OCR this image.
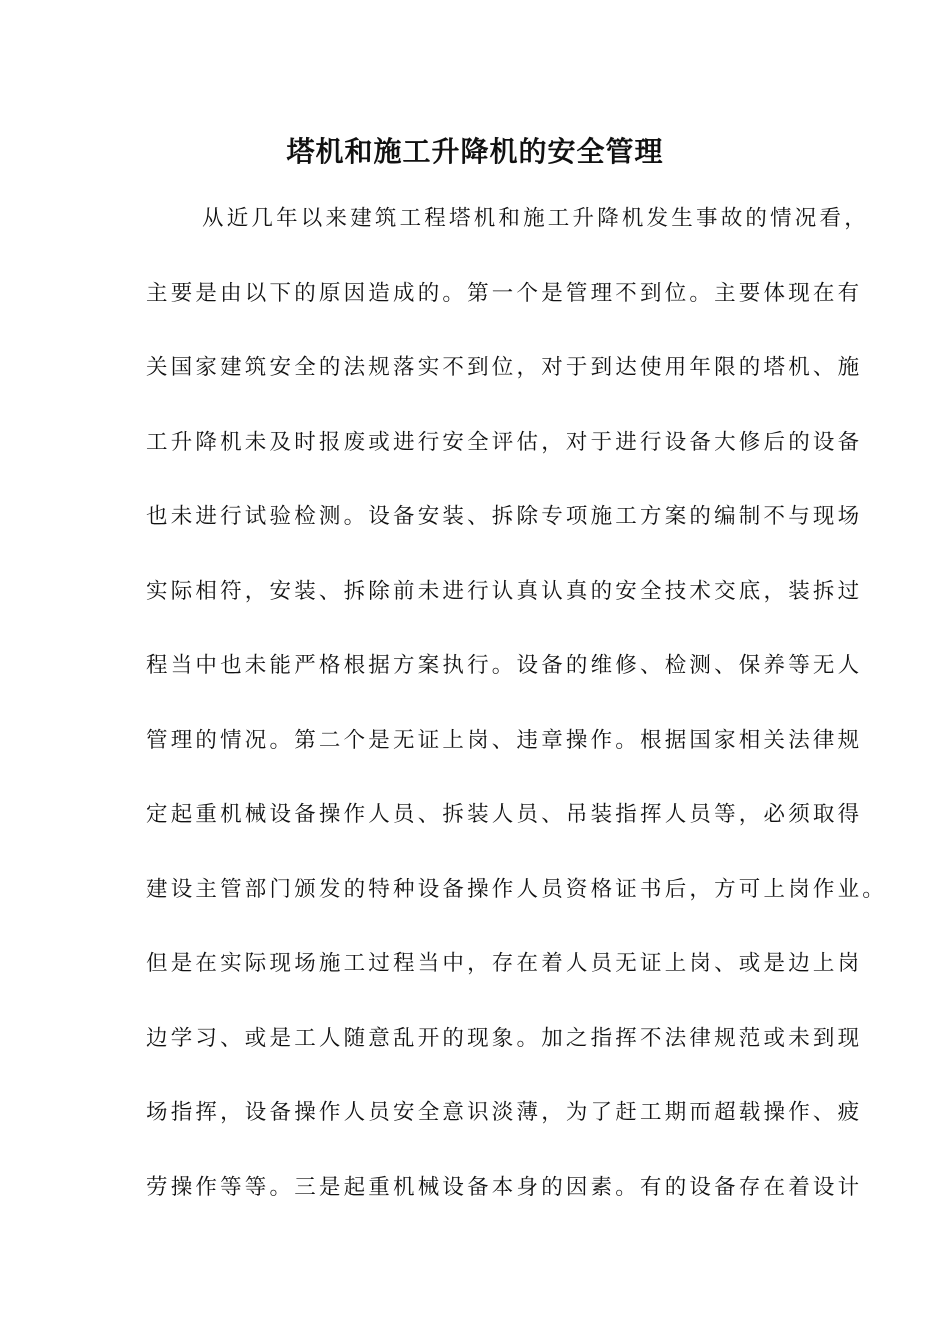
塔机和施工升降机的安全管理
从近几年以来建筑工程塔机和施工升降机发生事故的情况看，
主要是由以下的原因造成的。第一个是管理不到位。主要体现在有
关国家建筑安全的法规落实不到位，对于到达使用年限的塔机、施
工升降机未及时报废或进行安全评估，对于进行设备大修后的设备
也未进行试验检测。设备安装、拆除专项施工方案的编制不与现场
实际相符，安装、拆除前未进行认真认真的安全技术交底，装拆过
程当中也未能严格根据方案执行。设备的维修、检测、保养等无人
管理的情况。第二个是无证上岗、违章操作。根据国家相关法律规
定起重机械设备操作人员、拆装人员、吊装指挥人员等，必须取得
建设主管部门颁发的特种设备操作人员资格证书后，方可上岗作业。
但是在实际现场施工过程当中，存在着人员无证上岗、或是边上岗
边学习、或是工人随意乱开的现象。加之指挥不法律规范或未到现
场指挥，设备操作人员安全意识淡薄，为了赶工期而超载操作、疲
劳操作等等。三是起重机械设备本身的因素。有的设备存在着设计
